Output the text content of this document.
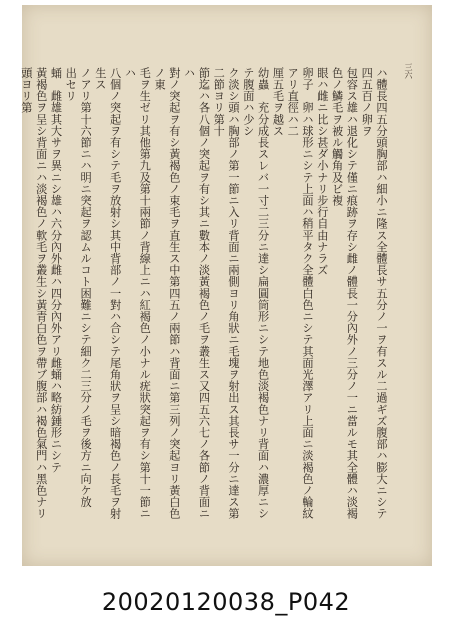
三六

ハ體長四五分頭胸部ハ細小ニ隆ス全體長サ五分ノ一ヲ有スル二過ギズ腹部ハ膨大ニシテ四五百ノ卵ヲ

包容ス雄ハ退化シテ僅ニ痕跡ヲ存シ雌ノ體長一分內外ノ三分ノ一ニ當ルモ其全體ハ淡褐色ノ鱗毛ヲ被ル觸角及ビ複

眼ハ雌ニ比シ甚ダ小ナリ步行自由ナラズ

卵子　卵ハ球形ニシテ上面ハ稍平タク全體白色ニシテ其面光澤アリ上面ニ淡褐色ノ輪紋アリ直徑ハ二

厘五毛ヲ越ス

幼蟲　充分成長スレバ一寸二三分ニ達シ扁圓筒形ニシテ地色淡褐色ナリ背面ハ濃厚ニシテ腹面ハ少シ

ク淡シ頭ハ胸部ノ第一節ニ入リ背面ニ兩側ヨリ角狀ニ毛塊ヲ射出ス其長サ一分ニ達ス第二節ヨリ第十

節迄ハ各八個ノ突起ヲ有シ其ニ數本ノ淡黃褐色ノ毛ヲ叢生ス又四五六七ノ各節ノ背面ニハ

對ノ突起ヲ有シ黃褐色ノ束毛ヲ直生ス中第四五ノ兩節ハ背面ニ第三列ノ突起ヨリ黃白色ノ東

毛ヲ生ゼリ其他第九及第十兩節ノ背線上ニハ紅褐色ノ小ナル疣狀突起ヲ有シ第十一節ニハ

八個ノ突起ヲ有シテ毛ヲ放射シ其中背部ノ一對ハ合シテ尾角狀ヲ呈シ暗褐色ノ長毛ヲ射生ス

ノアリ第十六節ニハ明ニ突起ヲ認ムルコト困難ニシテ細ク二三分ノ毛ヲ後方ニ向ケ放

出セリ

蛹　雌雄其大サヲ異ニシ雄ハ六分內外雌ハ四分內外アリ雌蛹ハ略紡錘形ニシテ

黃褐色ヲ呈シ背面ニハ淡褐色ノ軟毛ヲ叢生シ黃青白色ヲ帶ブ腹部ハ褐色氣門ハ黑色ナリ頭ヨリ第

20020120038_P042
